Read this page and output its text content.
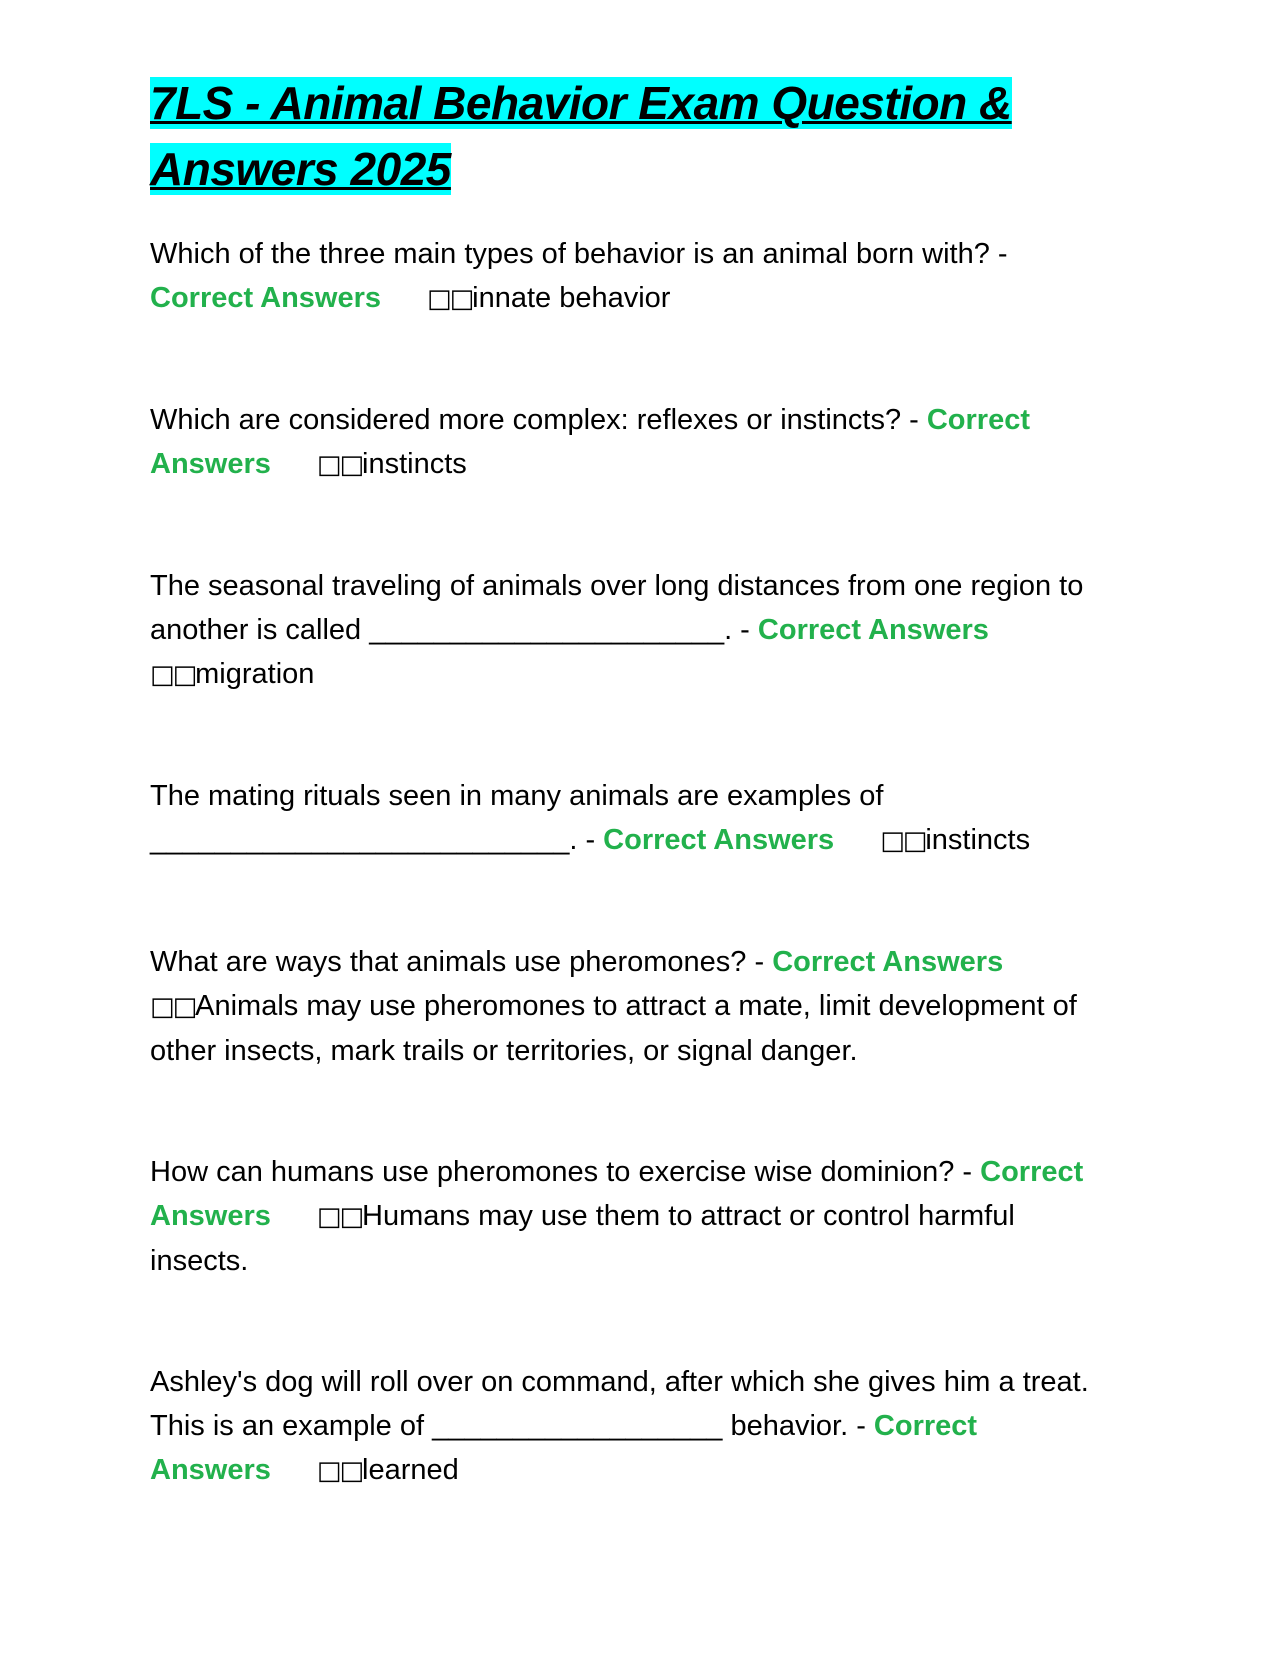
7LS - Animal Behavior Exam Question &
Answers 2025
Which of the three main types of behavior is an animal born with? - Correct Answers □□innate behavior
Which are considered more complex: reflexes or instincts? - Correct Answers □□instincts
The seasonal traveling of animals over long distances from one region to another is called ______________________. - Correct Answers □□migration
The mating rituals seen in many animals are examples of __________________________. - Correct Answers □□instincts
What are ways that animals use pheromones? - Correct Answers □□Animals may use pheromones to attract a mate, limit development of other insects, mark trails or territories, or signal danger.
How can humans use pheromones to exercise wise dominion? - Correct Answers □□Humans may use them to attract or control harmful insects.
Ashley's dog will roll over on command, after which she gives him a treat. This is an example of __________________ behavior. - Correct Answers □□learned
